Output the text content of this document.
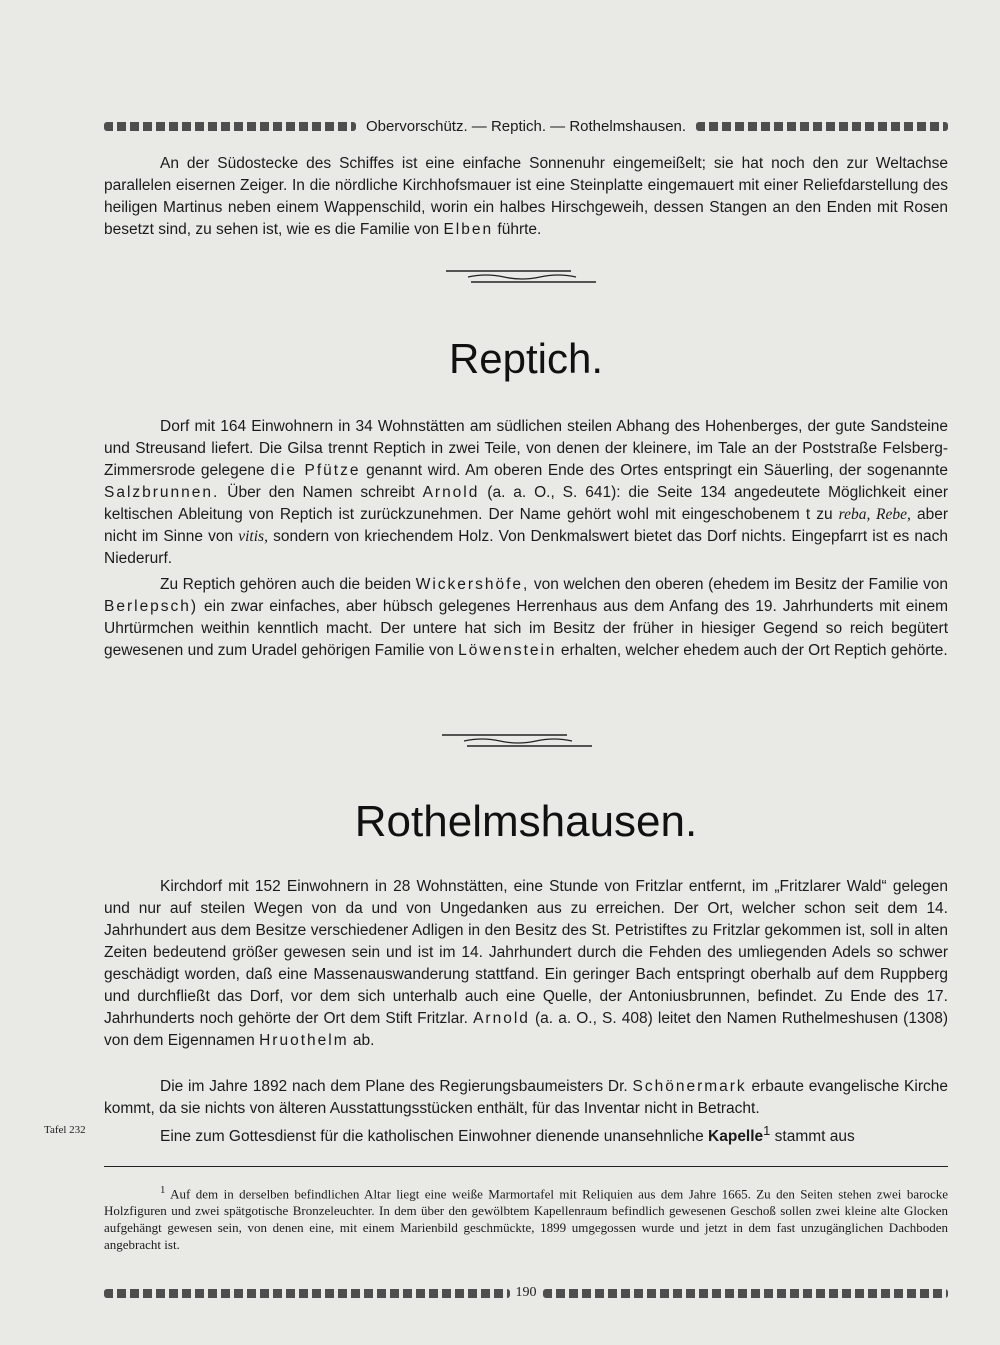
Obervorschütz. — Reptich. — Rothelmshausen.

An der Südostecke des Schiffes ist eine einfache Sonnenuhr eingemeißelt; sie hat noch den zur Weltachse parallelen eisernen Zeiger. In die nördliche Kirchhofsmauer ist eine Steinplatte eingemauert mit einer Reliefdarstellung des heiligen Martinus neben einem Wappenschild, worin ein halbes Hirschgeweih, dessen Stangen an den Enden mit Rosen besetzt sind, zu sehen ist, wie es die Familie von Elben führte.

Reptich.

Dorf mit 164 Einwohnern in 34 Wohnstätten am südlichen steilen Abhang des Hohenberges, der gute Sandsteine und Streusand liefert. Die Gilsa trennt Reptich in zwei Teile, von denen der kleinere, im Tale an der Poststraße Felsberg-Zimmersrode gelegene die Pfütze genannt wird. Am oberen Ende des Ortes entspringt ein Säuerling, der sogenannte Salzbrunnen. Über den Namen schreibt Arnold (a. a. O., S. 641): die Seite 134 angedeutete Möglichkeit einer keltischen Ableitung von Reptich ist zurückzunehmen. Der Name gehört wohl mit eingeschobenem t zu reba, Rebe, aber nicht im Sinne von vitis, sondern von kriechendem Holz. Von Denkmalswert bietet das Dorf nichts. Eingepfarrt ist es nach Niederurf.

Zu Reptich gehören auch die beiden Wickershöfe, von welchen den oberen (ehedem im Besitz der Familie von Berlepsch) ein zwar einfaches, aber hübsch gelegenes Herrenhaus aus dem Anfang des 19. Jahrhunderts mit einem Uhrtürmchen weithin kenntlich macht. Der untere hat sich im Besitz der früher in hiesiger Gegend so reich begütert gewesenen und zum Uradel gehörigen Familie von Löwenstein erhalten, welcher ehedem auch der Ort Reptich gehörte.

Rothelmshausen.

Kirchdorf mit 152 Einwohnern in 28 Wohnstätten, eine Stunde von Fritzlar entfernt, im „Fritzlarer Wald“ gelegen und nur auf steilen Wegen von da und von Ungedanken aus zu erreichen. Der Ort, welcher schon seit dem 14. Jahrhundert aus dem Besitze verschiedener Adligen in den Besitz des St. Petristiftes zu Fritzlar gekommen ist, soll in alten Zeiten bedeutend größer gewesen sein und ist im 14. Jahrhundert durch die Fehden des umliegenden Adels so schwer geschädigt worden, daß eine Massenauswanderung stattfand. Ein geringer Bach entspringt oberhalb auf dem Ruppberg und durchfließt das Dorf, vor dem sich unterhalb auch eine Quelle, der Antoniusbrunnen, befindet. Zu Ende des 17. Jahrhunderts noch gehörte der Ort dem Stift Fritzlar. Arnold (a. a. O., S. 408) leitet den Namen Ruthelmeshusen (1308) von dem Eigennamen Hruothelm ab.

Die im Jahre 1892 nach dem Plane des Regierungsbaumeisters Dr. Schönermark erbaute evangelische Kirche kommt, da sie nichts von älteren Ausstattungsstücken enthält, für das Inventar nicht in Betracht.

Eine zum Gottesdienst für die katholischen Einwohner dienende unansehnliche Kapelle$^1$ stammt aus

Tafel 232

$^1$ Auf dem in derselben befindlichen Altar liegt eine weiße Marmortafel mit Reliquien aus dem Jahre 1665. Zu den Seiten stehen zwei barocke Holzfiguren und zwei spätgotische Bronzeleuchter. In dem über den gewölbtem Kapellenraum befindlich gewesenen Geschoß sollen zwei kleine alte Glocken aufgehängt gewesen sein, von denen eine, mit einem Marienbild geschmückte, 1899 umgegossen wurde und jetzt in dem fast unzugänglichen Dachboden angebracht ist.

190
